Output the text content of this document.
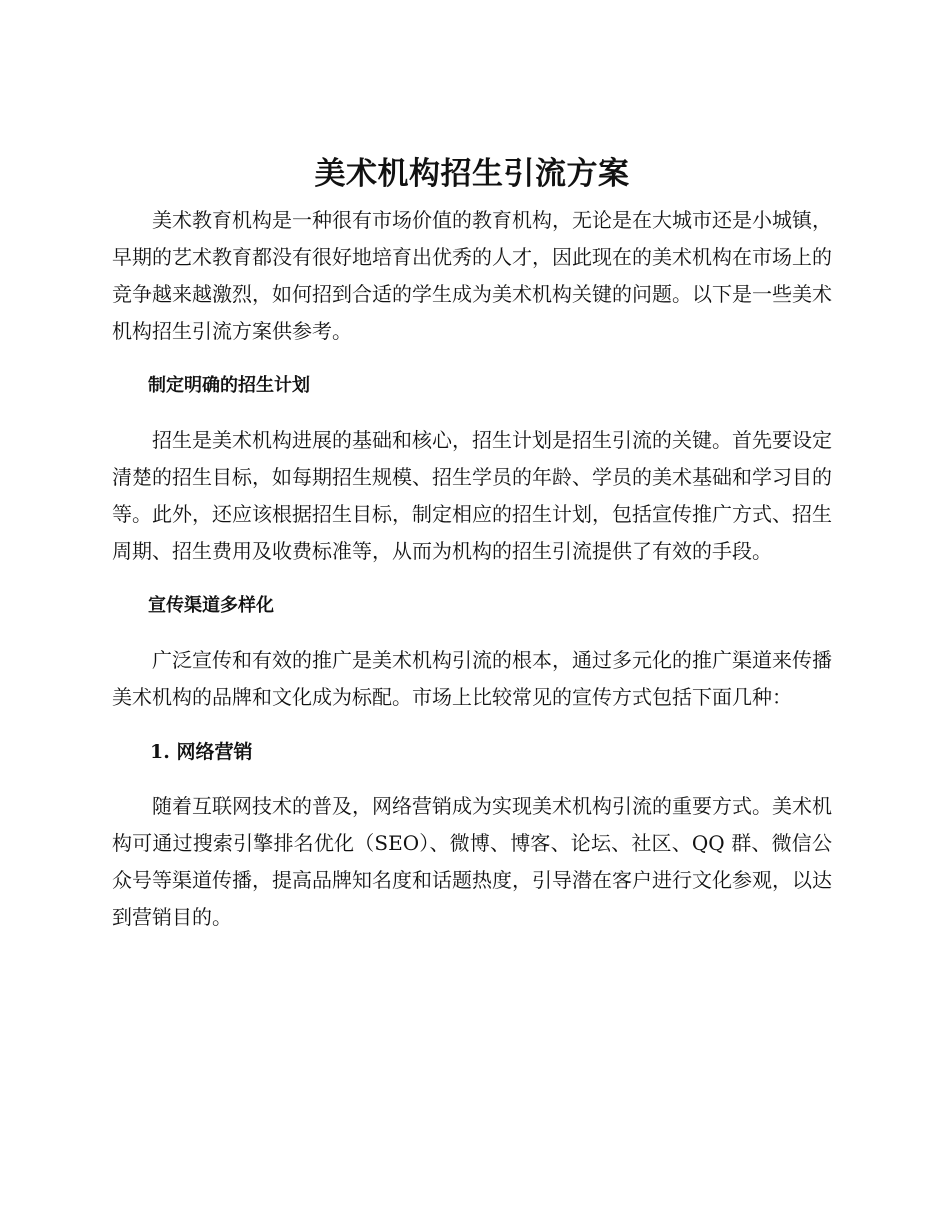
美术机构招生引流方案

美术教育机构是一种很有市场价值的教育机构，无论是在大城市还是小城镇，早期的艺术教育都没有很好地培育出优秀的人才，因此现在的美术机构在市场上的竞争越来越激烈，如何招到合适的学生成为美术机构关键的问题。以下是一些美术机构招生引流方案供参考。

制定明确的招生计划

招生是美术机构进展的基础和核心，招生计划是招生引流的关键。首先要设定清楚的招生目标，如每期招生规模、招生学员的年龄、学员的美术基础和学习目的等。此外，还应该根据招生目标，制定相应的招生计划，包括宣传推广方式、招生周期、招生费用及收费标准等，从而为机构的招生引流提供了有效的手段。

宣传渠道多样化

广泛宣传和有效的推广是美术机构引流的根本，通过多元化的推广渠道来传播美术机构的品牌和文化成为标配。市场上比较常见的宣传方式包括下面几种：

1. 网络营销

随着互联网技术的普及，网络营销成为实现美术机构引流的重要方式。美术机构可通过搜索引擎排名优化（SEO）、微博、博客、论坛、社区、QQ 群、微信公众号等渠道传播，提高品牌知名度和话题热度，引导潜在客户进行文化参观，以达到营销目的。
